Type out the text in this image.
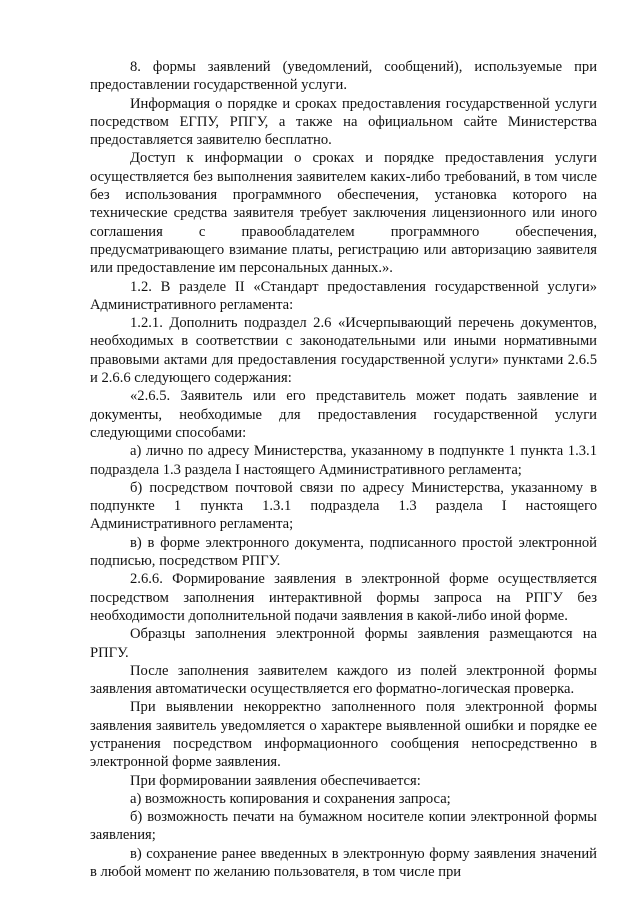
8. формы заявлений (уведомлений, сообщений), используемые при предоставлении государственной услуги.

Информация о порядке и сроках предоставления государственной услуги посредством ЕГПУ, РПГУ, а также на официальном сайте Министерства предоставляется заявителю бесплатно.

Доступ к информации о сроках и порядке предоставления услуги осуществляется без выполнения заявителем каких-либо требований, в том числе без использования программного обеспечения, установка которого на технические средства заявителя требует заключения лицензионного или иного соглашения с правообладателем программного обеспечения, предусматривающего взимание платы, регистрацию или авторизацию заявителя или предоставление им персональных данных.».

1.2. В разделе II «Стандарт предоставления государственной услуги» Административного регламента:

1.2.1. Дополнить подраздел 2.6 «Исчерпывающий перечень документов, необходимых в соответствии с законодательными или иными нормативными правовыми актами для предоставления государственной услуги» пунктами 2.6.5 и 2.6.6 следующего содержания:

«2.6.5. Заявитель или его представитель может подать заявление и документы, необходимые для предоставления государственной услуги следующими способами:

а) лично по адресу Министерства, указанному в подпункте 1 пункта 1.3.1 подраздела 1.3 раздела I настоящего Административного регламента;

б) посредством почтовой связи по адресу Министерства, указанному в подпункте 1 пункта 1.3.1 подраздела 1.3 раздела I настоящего Административного регламента;

в) в форме электронного документа, подписанного простой электронной подписью, посредством РПГУ.

2.6.6. Формирование заявления в электронной форме осуществляется посредством заполнения интерактивной формы запроса на РПГУ без необходимости дополнительной подачи заявления в какой-либо иной форме.

Образцы заполнения электронной формы заявления размещаются на РПГУ.

После заполнения заявителем каждого из полей электронной формы заявления автоматически осуществляется его форматно-логическая проверка.

При выявлении некорректно заполненного поля электронной формы заявления заявитель уведомляется о характере выявленной ошибки и порядке ее устранения посредством информационного сообщения непосредственно в электронной форме заявления.

При формировании заявления обеспечивается:

а) возможность копирования и сохранения запроса;

б) возможность печати на бумажном носителе копии электронной формы заявления;

в) сохранение ранее введенных в электронную форму заявления значений в любой момент по желанию пользователя, в том числе при
